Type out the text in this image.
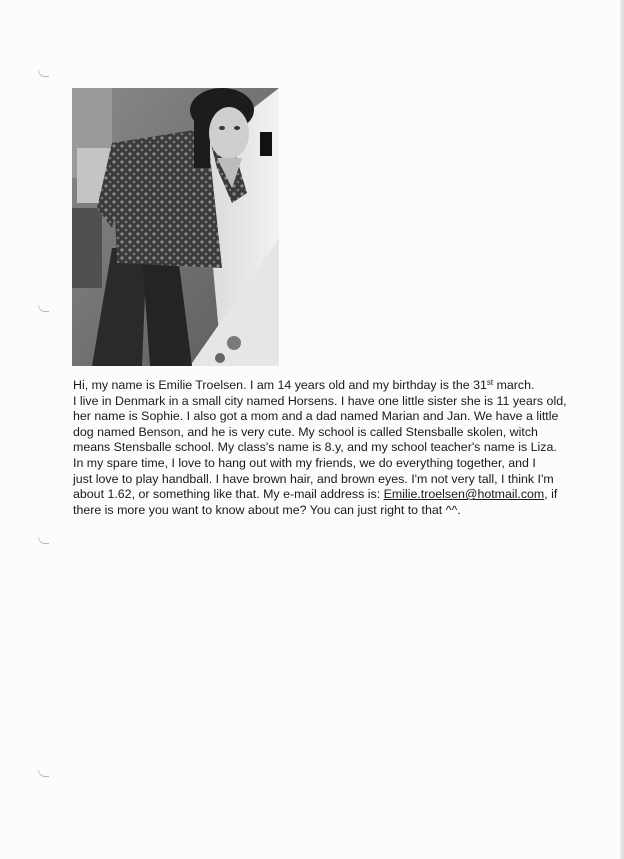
Hi, my name is Emilie Troelsen. I am 14 years old and my birthday is the 31st march.

I live in Denmark in a small city named Horsens. I have one little sister she is 11 years old,

her name is Sophie. I also got a mom and a dad named Marian and Jan. We have a little

dog named Benson, and he is very cute. My school is called Stensballe skolen, witch

means Stensballe school. My class's name is 8.y, and my school teacher's name is Liza.

In my spare time, I love to hang out with my friends, we do everything together, and I

just love to play handball. I have brown hair, and brown eyes. I'm not very tall, I think I'm

about 1.62, or something like that. My e-mail address is: Emilie.troelsen@hotmail.com, if

there is more you want to know about me? You can just right to that ^^.
